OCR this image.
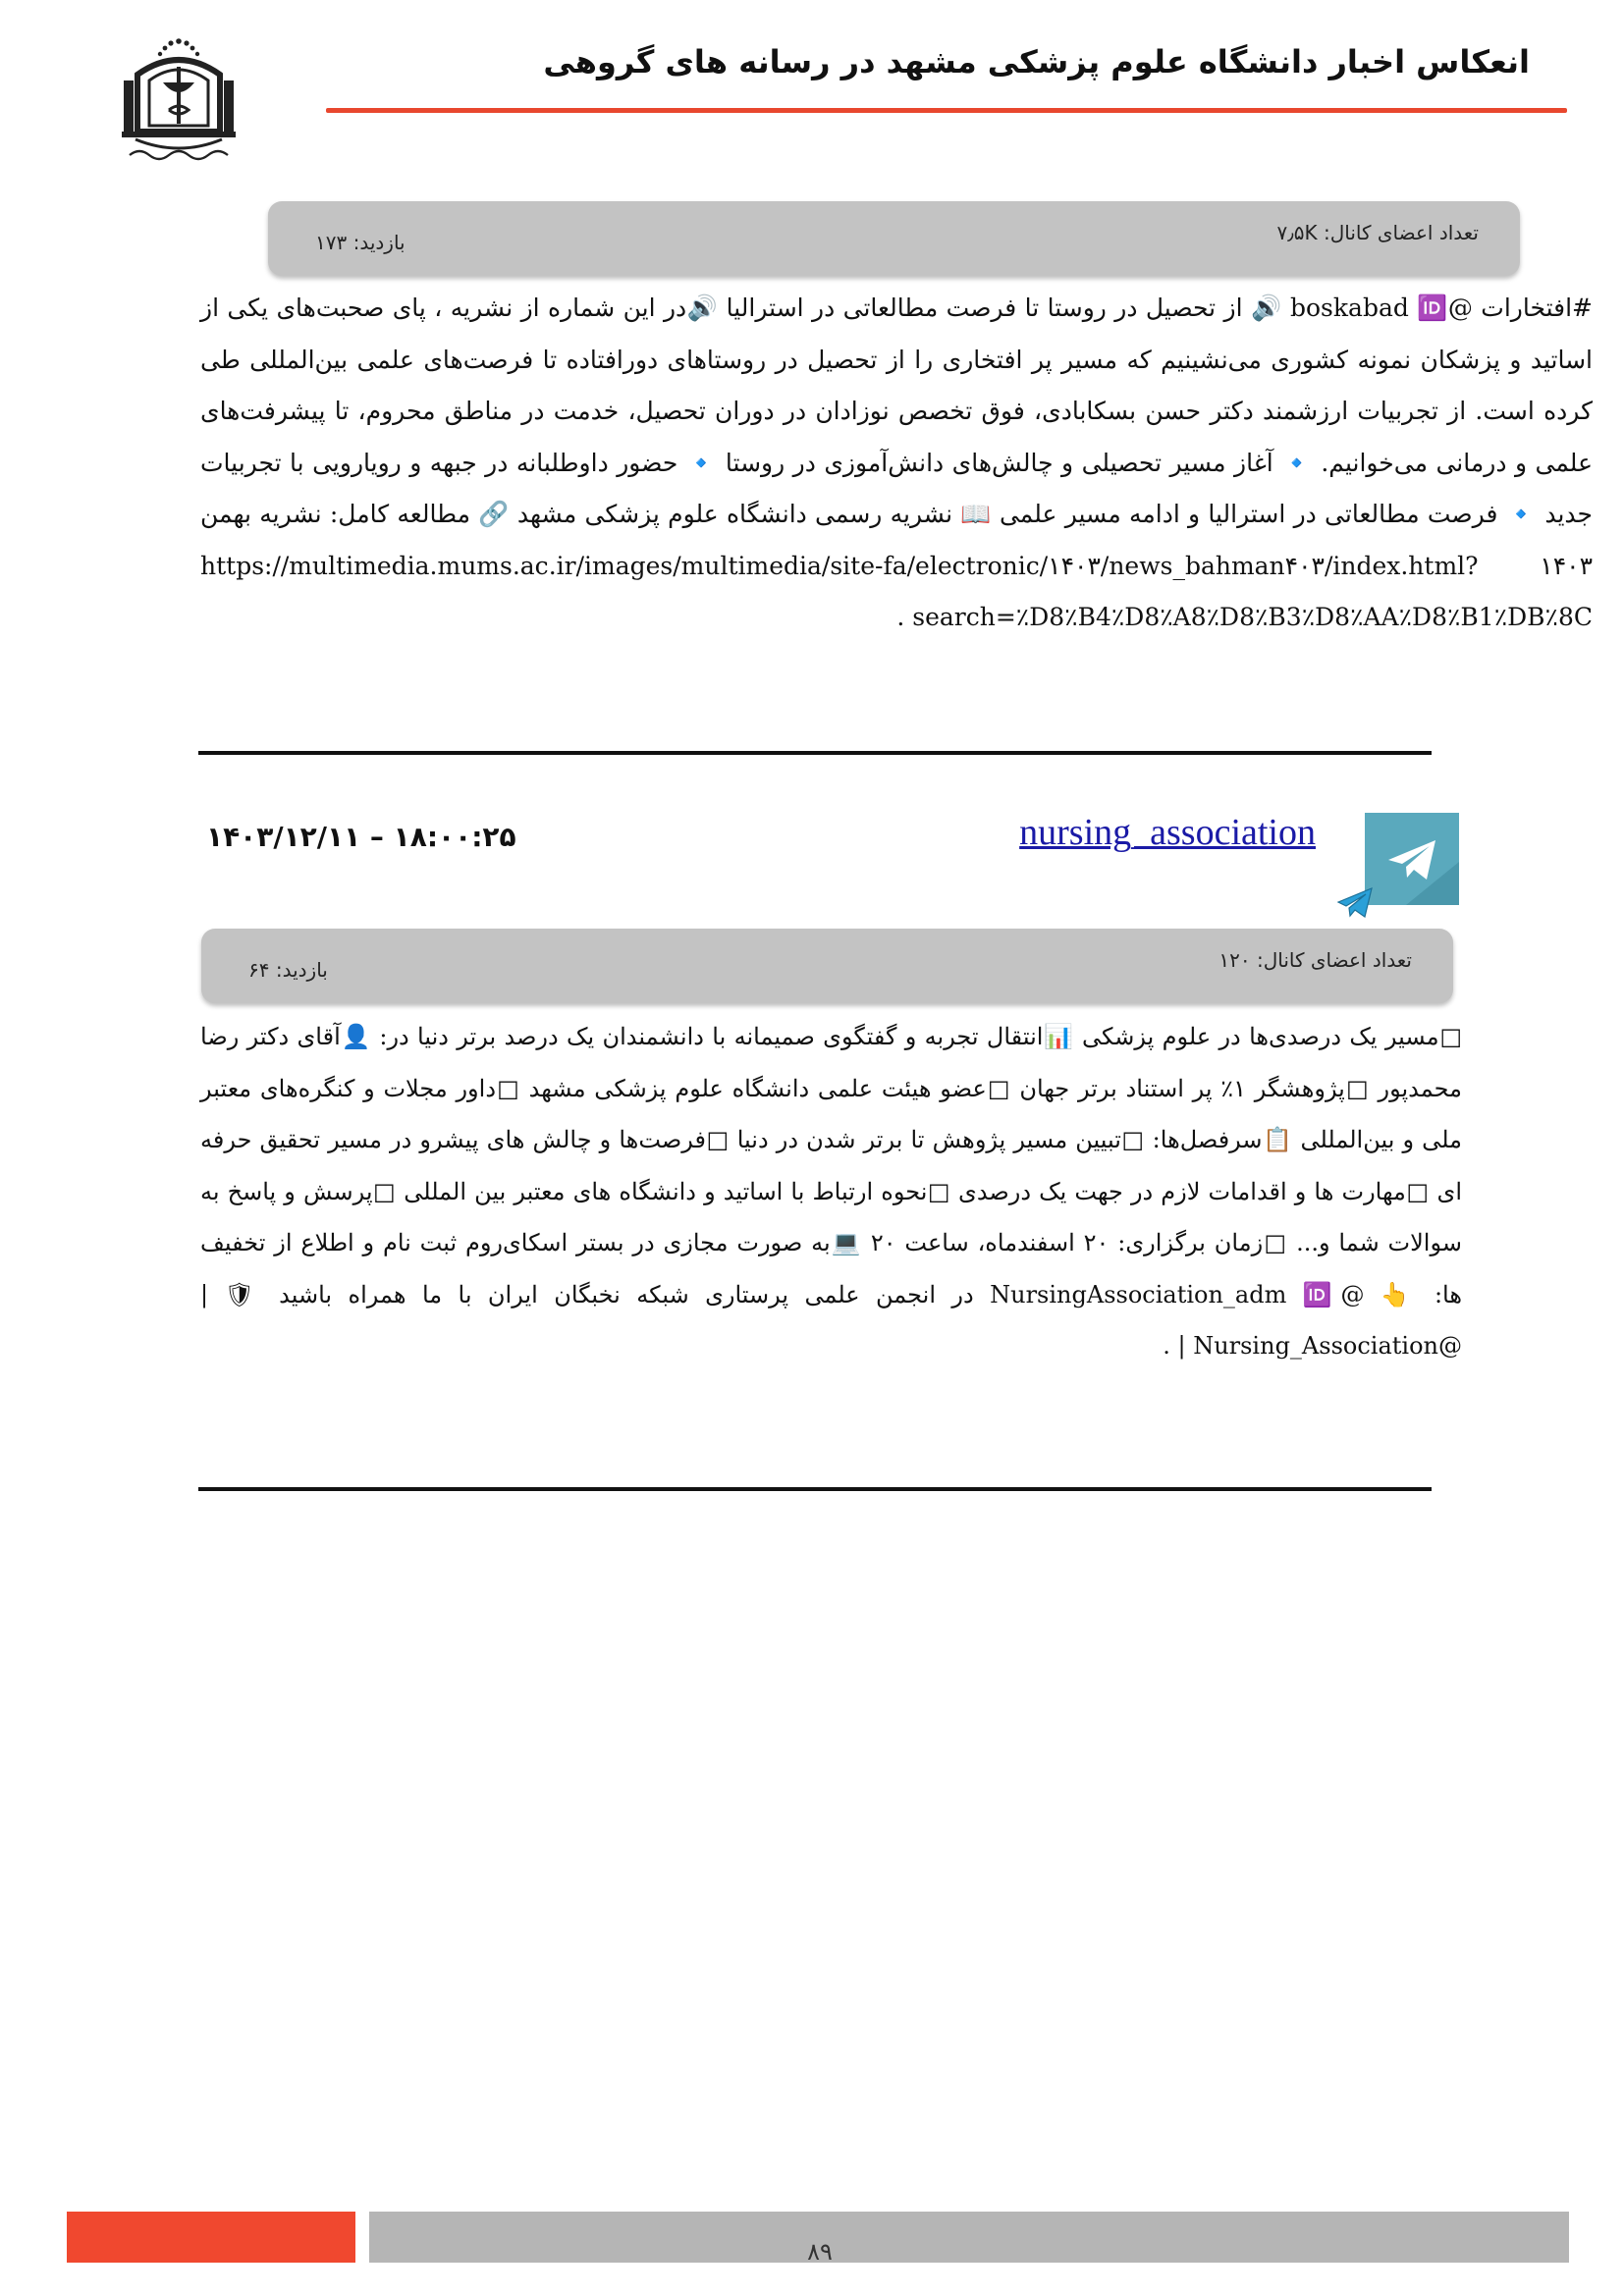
انعکاس اخبار دانشگاه علوم پزشکی مشهد در رسانه های گروهی
تعداد اعضای کانال: ۷٫۵K
بازدید: ۱۷۳
#افتخارات @boskabad 🆔 🔊 از تحصیل در روستا تا فرصت مطالعاتی در استرالیا 🔊در این شماره از نشریه ، پای صحبت‌های یکی از اساتید و پزشکان نمونه کشوری می‌نشینیم که مسیر پر افتخاری را از تحصیل در روستاهای دورافتاده تا فرصت‌های علمی بین‌المللی طی کرده است. از تجربیات ارزشمند دکتر حسن بسکابادی، فوق تخصص نوزادان در دوران تحصیل، خدمت در مناطق محروم، تا پیشرفت‌های علمی و درمانی می‌خوانیم. 🔹 آغاز مسیر تحصیلی و چالش‌های دانش‌آموزی در روستا 🔹 حضور داوطلبانه در جبهه و رویارویی با تجربیات جدید 🔹 فرصت مطالعاتی در استرالیا و ادامه مسیر علمی 📖 نشریه رسمی دانشگاه علوم پزشکی مشهد 🔗 مطالعه کامل: نشریه بهمن ۱۴۰۳ https://multimedia.mums.ac.ir/images/multimedia/site-fa/electronic/۱۴۰۳/news_bahman۴۰۳/index.html?search=٪D8٪B4٪D8٪A8٪D8٪B3٪D8٪AA٪D8٪B1٪DB٪8C .
nursing_association
۱۴۰۳/۱۲/۱۱ – ۱۸:۰۰:۲۵
تعداد اعضای کانال: ۱۲۰
بازدید: ۶۴
□مسیر یک درصدی‌ها در علوم پزشکی 📊انتقال تجربه و گفتگوی صمیمانه با دانشمندان یک درصد برتر دنیا در: 👤آقای دکتر رضا محمدپور □پژوهشگر ۱٪ پر استناد برتر جهان □عضو هیئت علمی دانشگاه علوم پزشکی مشهد □داور مجلات و کنگره‌های معتبر ملی و بین‌المللی 📋سرفصل‌ها: □تبیین مسیر پژوهش تا برتر شدن در دنیا □فرصت‌ها و چالش های پیشرو در مسیر تحقیق حرفه ای □مهارت ها و اقدامات لازم در جهت یک درصدی □نحوه ارتباط با اساتید و دانشگاه های معتبر بین المللی □پرسش و پاسخ به سوالات شما و... □زمان برگزاری: ۲۰ اسفندماه، ساعت ۲۰ 💻به صورت مجازی در بستر اسکای‌روم ثبت نام و اطلاع از تخفیف ها: 👆 @NursingAssociation_adm 🆔 در انجمن علمی پرستاری شبکه نخبگان ایران با ما همراه باشید 🛡 | @Nursing_Association | .
۸۹
